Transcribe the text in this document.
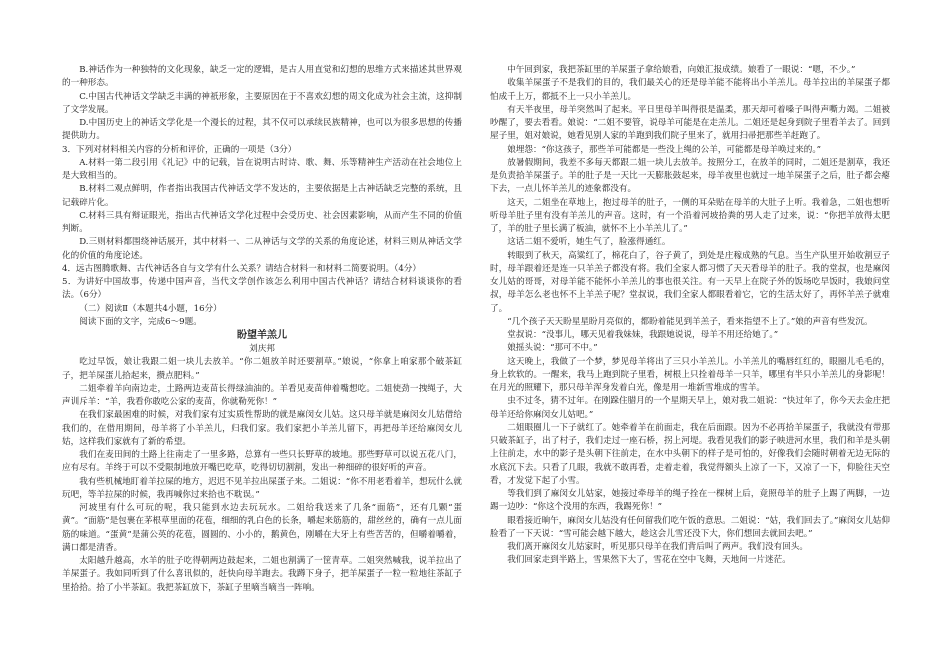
B.神话作为一种独特的文化现象，缺乏一定的逻辑，是古人用直觉和幻想的思维方式来描述其世界观的一种形态。

C.中国古代神话文学缺乏丰满的神祇形象，主要原因在于不喜欢幻想的周文化成为社会主流，这抑制了文学发展。

D.中国历史上的神话文学化是一个漫长的过程，其不仅可以承续民族精神，也可以为很多思想的传播提供助力。

3．下列对材料相关内容的分析和评价，正确的一项是（3分）

A.材料一第二段引用《礼记》中的记载，旨在说明古时诗、歌、舞、乐等精神生产活动在社会地位上是大致相当的。

B.材料二观点鲜明，作者指出我国古代神话文学不发达的，主要依据是上古神话缺乏完整的系统，且记载碎片化。

C.材料三具有辩证眼光，指出古代神话文学化过程中会受历史、社会因素影响，从而产生不同的价值判断。

D.三则材料都围绕神话展开，其中材料一、二从神话与文学的关系的角度论述，材料三则从神话文学化的价值的角度论述。

4．远古图腾歌舞、古代神话各自与文学有什么关系？请结合材料一和材料二简要说明。（4分）

5．为讲好中国故事，传递中国声音，当代文学创作该怎么利用中国古代神话？请结合材料谈谈你的看法。（6分）

（二）阅读Ⅱ（本题共4小题，16分）

阅读下面的文字，完成6～9题。

盼望羊羔儿

刘庆邦

吃过早饭，娘让我跟二姐一块儿去放羊。“你二姐放羊时还要割草。”娘说，“你拿上咱家那个破茶缸子，把羊屎蛋儿拾起来，攒点肥料。”

二姐牵着羊向南边走，土路两边麦苗长得绿油油的。羊看见麦苗伸着嘴想吃。二姐使劲一拽绳子，大声训斥羊：“羊，我看你敢吃公家的麦苗，你就勒死你！”

在我们家最困难的时候，对我们家有过实质性帮助的就是麻闵女儿姑。这只母羊就是麻闵女儿姑借给我们的，在借用期间，母羊将了小羊羔儿，归我们家。我们家把小羊羔儿留下，再把母羊还给麻闵女儿姑，这样我们家就有了新的希望。

我们在麦田间的土路上往南走了一里多路，总算有一些只长野草的坡地。那些野草可以说五花八门，应有尽有。羊终于可以不受限制地放开嘴巴吃草，吃得切切割割，发出一种细碎的很好听的声音。

我有些机械地盯着羊拉屎的地方，迟迟不见羊拉出屎蛋子来。二姐说：“你不用老看着羊，想玩什么就玩吧，等羊拉屎的时候，我再喊你过来拾也不耽误。”

河坡里有什么可玩的呢，我只能到水边去玩玩水。二姐给我送来了几条“面筋”，还有几颗“蛋黄”。“面筋”是包裹在茅根草里面的花苞，细细的乳白色的长条，嚼起来筋筋的，甜丝丝的，确有一点儿面筋的味道。“蛋黄”是蒲公英的花苞，圆圆的、小小的，鹅黄色，刚嚼在大牙上有些苦苦的，但嚼着嚼着，满口都是清香。

太阳越升越高，水羊的肚子吃得朝两边鼓起来，二姐也割满了一筐青草。二姐突然喊我，说羊拉出了羊屎蛋子。我如同听到了什么喜讯似的，赶快向母羊跑去。我蹲下身子，把羊屎蛋子一粒一粒地往茶缸子里拾拾。拾了小半茶缸。我把茶缸放下，茶缸子里嘀当嘀当一阵响。

中午回到家，我把茶缸里的羊屎蛋子拿给娘看，向娘汇报成绩。娘看了一眼说：“嗯，不少。”

收集羊屎蛋子不是我们的目的，我们最关心的还是母羊能不能将出小羊羔儿。母羊拉出的羊屎蛋子都怕成千上万，都抵不上一只小羊羔儿。

有天半夜里，母羊突然叫了起来。平日里母羊叫得很是温柔，那天却可着嗓子叫得声嘶力竭。二姐被吵醒了，要去看看。娘说：“二姐不要管，说母羊可能是在走羔儿。二姐还是起身到院子里看羊去了。回到屋子里，姐对娘说，她看见别人家的羊跑到我们院子里来了，就用扫帚把那些羊赶跑了。

娘埋怨：“你这孩子，那些羊可能都是一些没上绳的公羊，可能都是母羊唤过来的。”

放暑假期间，我差不多每天都跟二姐一块儿去放羊。按照分工，在放羊的同时，二姐还是割草，我还是负责拾羊屎蛋子。羊的肚子是一天比一天膨胀鼓起来，母羊夜里也就过一地羊屎蛋子之后，肚子都会瘪下去，一点儿怀羊羔儿的迹象都没有。

这天，二姐坐在草地上，抱过母羊的肚子，一侧的耳朵贴在母羊的大肚子上听。我着急，二姐也想听听母羊肚子里有没有羊羔儿的声音。这时，有一个沿着河坡拾粪的男人走了过来，说：“你把羊放得太肥了，羊的肚子里长满了板油，就怀不上小羊羔儿了。”

这话二姐不爱听，她生气了，脸涨得通红。

转眼到了秋天，高粱红了，棉花白了，谷子黄了，到处是庄稼成熟的气息。当生产队里开始收割豆子时，母羊跟着还是连一只羊羔子都没有将。我们全家人都习惯了天天看母羊的肚子。我的堂叔，也是麻闵女儿姑的哥哥，对母羊能不能怀小羊羔儿的事也很关注。有一天早上在院子外的饭场吃早饭时，我娘问堂叔，母羊怎么老也怀不上羊羔子呢？堂叔说，我们全家人都眼看着它，它的生活太好了，再怀羊羔子就难了。

“几个孩子天天盼星星盼月亮似的，都盼着能见到羊羔子，看来指望不上了。”娘的声音有些发沉。

堂叔说：“没事儿，哪天见着我妹妹，我跟她说说，母羊不用还给她了。”

娘摇头说：“那可不中。”

这天晚上，我做了一个梦，梦见母羊将出了三只小羊羔儿。小羊羔儿的嘴唇红红的，眼圈儿毛毛的，身上软软的。一醒来，我马上跑到院子里看，树根上只拴着母羊一只羊，哪里有半只小羊羔儿的身影呢！在月光的照耀下，那只母羊浑身发着白光，像是用一堆新雪堆成的雪羊。

虫不过冬，猜不过年。在刚跺住腊月的一个星期天早上，娘对我二姐说：“快过年了，你今天去金庄把母羊还给你麻闵女儿姑吧。”

二姐眼圈儿一下子就红了。她牵着羊在前面走，我在后面跟。因为不必再拾羊屎蛋子，我就没有带那只破茶缸子，出了村子，我们走过一座石桥，拐上河堤。我看见我们的影子映进河水里，我们和羊是头朝上往前走，水中的影子是头朝下往前走，在水中头朝下的样子是可怕的，好像我们会随时朝着无边无际的水底沉下去。只看了几眼，我就不敢再看，走着走着，我觉得额头上凉了一下，又凉了一下，仰脸往天空看，才发觉下起了小雪。

等我们到了麻闵女儿姑家，她接过牵母羊的绳子拴在一棵树上后，竟照母羊的肚子上踢了两脚，一边踢一边吵：“你这个没用的东西，我踢死你！”

眼看接近晌午，麻闵女儿姑没有任何留我们吃午饭的意思。二姐说：“姑，我们回去了。”麻闵女儿姑仰脸看了一下天说：“雪可能会越下越大，趁这会儿雪还没下大，你们想回去就回去吧。”

我们离开麻闵女儿姑家时，听见那只母羊在我们背后叫了两声。我们没有回头。

我们回家走到半路上，雪果然下大了，雪花在空中飞舞，天地间一片迷茫。
